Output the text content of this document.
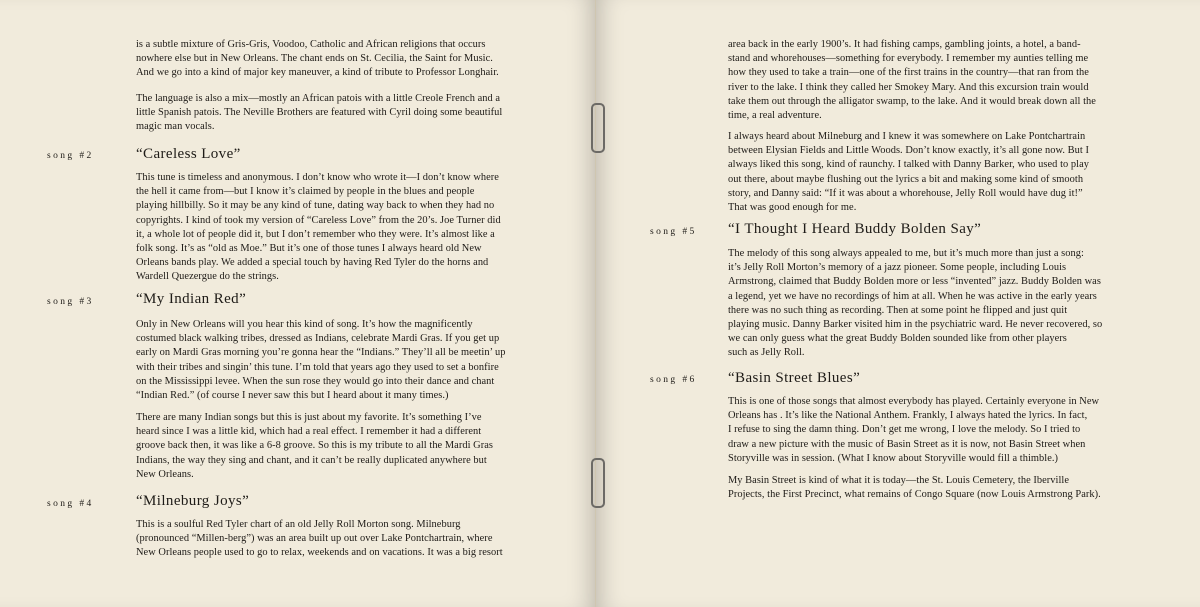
is a subtle mixture of Gris-Gris, Voodoo, Catholic and African religions that occurs
nowhere else but in New Orleans. The chant ends on St. Cecilia, the Saint for Music.
And we go into a kind of major key maneuver, a kind of tribute to Professor Longhair.

The language is also a mix—mostly an African patois with a little Creole French and a
little Spanish patois. The Neville Brothers are featured with Cyril doing some beautiful
magic man vocals.

song #2	“Careless Love”

This tune is timeless and anonymous. I don’t know who wrote it—I don’t know where
the hell it came from—but I know it’s claimed by people in the blues and people
playing hillbilly. So it may be any kind of tune, dating way back to when they had no
copyrights. I kind of took my version of “Careless Love” from the 20’s. Joe Turner did
it, a whole lot of people did it, but I don’t remember who they were. It’s almost like a
folk song. It’s as “old as Moe.” But it’s one of those tunes I always heard old New
Orleans bands play. We added a special touch by having Red Tyler do the horns and
Wardell Quezergue do the strings.

song #3	“My Indian Red”

Only in New Orleans will you hear this kind of song. It’s how the magnificently
costumed black walking tribes, dressed as Indians, celebrate Mardi Gras. If you get up
early on Mardi Gras morning you’re gonna hear the “Indians.” They’ll all be meetin’ up
with their tribes and singin’ this tune. I’m told that years ago they used to set a bonfire
on the Mississippi levee. When the sun rose they would go into their dance and chant
“Indian Red.” (of course I never saw this but I heard about it many times.)

There are many Indian songs but this is just about my favorite. It’s something I’ve
heard since I was a little kid, which had a real effect. I remember it had a different
groove back then, it was like a 6-8 groove. So this is my tribute to all the Mardi Gras
Indians, the way they sing and chant, and it can’t be really duplicated anywhere but
New Orleans.

song #4	“Milneburg Joys”

This is a soulful Red Tyler chart of an old Jelly Roll Morton song. Milneburg
(pronounced “Millen-berg”) was an area built up out over Lake Pontchartrain, where
New Orleans people used to go to relax, weekends and on vacations. It was a big resort

area back in the early 1900’s. It had fishing camps, gambling joints, a hotel, a band-
stand and whorehouses—something for everybody. I remember my aunties telling me
how they used to take a train—one of the first trains in the country—that ran from the
river to the lake. I think they called her Smokey Mary. And this excursion train would
take them out through the alligator swamp, to the lake. And it would break down all the
time, a real adventure.

I always heard about Milneburg and I knew it was somewhere on Lake Pontchartrain
between Elysian Fields and Little Woods. Don’t know exactly, it’s all gone now. But I
always liked this song, kind of raunchy. I talked with Danny Barker, who used to play
out there, about maybe flushing out the lyrics a bit and making some kind of smooth
story, and Danny said: “If it was about a whorehouse, Jelly Roll would have dug it!”
That was good enough for me.

song #5 “I Thought I Heard Buddy Bolden Say”

The melody of this song always appealed to me, but it’s much more than just a song:
it’s Jelly Roll Morton’s memory of a jazz pioneer. Some people, including Louis
Armstrong, claimed that Buddy Bolden more or less “invented” jazz. Buddy Bolden was
a legend, yet we have no recordings of him at all. When he was active in the early years
there was no such thing as recording. Then at some point he flipped and just quit
playing music. Danny Barker visited him in the psychiatric ward. He never recovered, so
we can only guess what the great Buddy Bolden sounded like from other players
such as Jelly Roll.

song #6 “Basin Street Blues”

This is one of those songs that almost everybody has played. Certainly everyone in New
Orleans has . It’s like the National Anthem. Frankly, I always hated the lyrics. In fact,
I refuse to sing the damn thing. Don’t get me wrong, I love the melody. So I tried to
draw a new picture with the music of Basin Street as it is now, not Basin Street when
Storyville was in session. (What I know about Storyville would fill a thimble.)

My Basin Street is kind of what it is today—the St. Louis Cemetery, the Iberville
Projects, the First Precinct, what remains of Congo Square (now Louis Armstrong Park).
